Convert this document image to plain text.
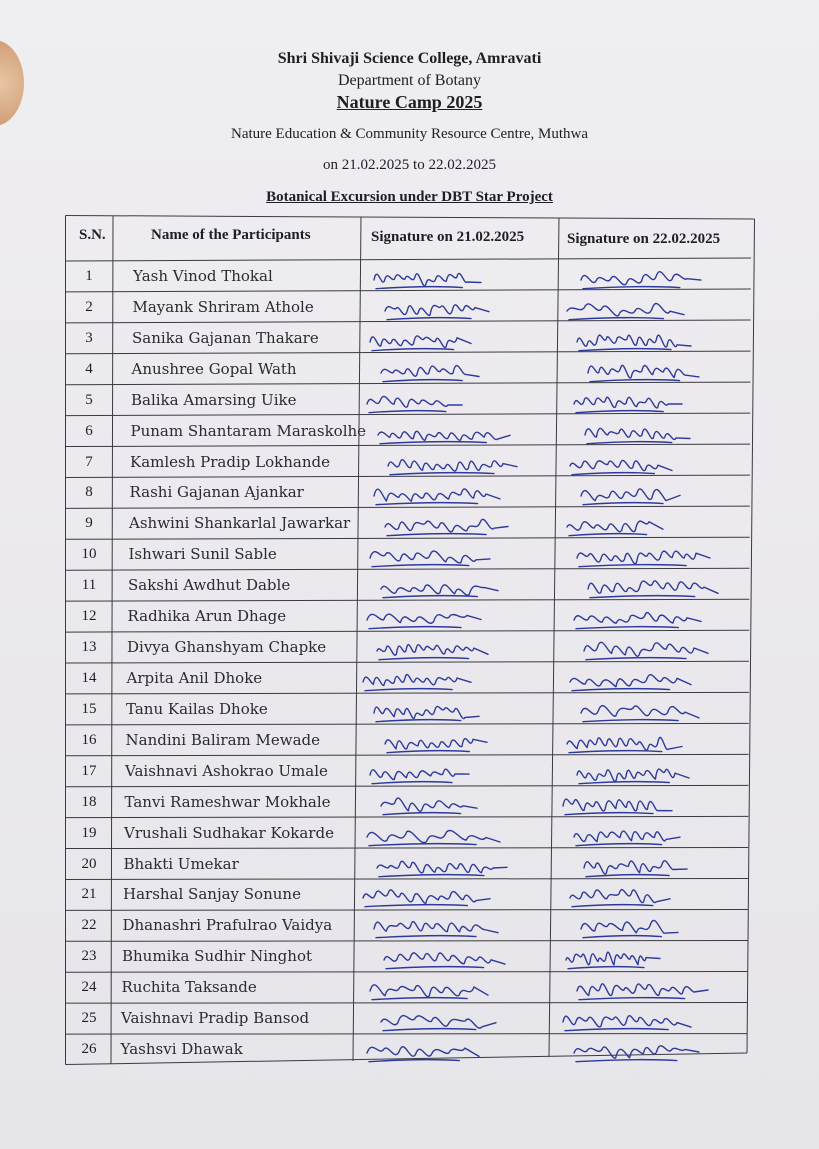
Shri Shivaji Science College, Amravati
Department of Botany
Nature Camp 2025
Nature Education & Community Resource Centre, Muthwa
on 21.02.2025 to 22.02.2025
Botanical Excursion under DBT Star Project
S.N.	Name of the Participants	Signature on 21.02.2025	Signature on 22.02.2025
1	Yash Vinod Thokal
2	Mayank Shriram Athole
3	Sanika Gajanan Thakare
4	Anushree Gopal Wath
5	Balika Amarsing Uike
6	Punam Shantaram Maraskolhe
7	Kamlesh Pradip Lokhande
8	Rashi Gajanan Ajankar
9	Ashwini Shankarlal Jawarkar
10	Ishwari Sunil Sable
11	Sakshi Awdhut Dable
12	Radhika Arun Dhage
13	Divya Ghanshyam Chapke
14	Arpita Anil Dhoke
15	Tanu Kailas Dhoke
16	Nandini Baliram Mewade
17	Vaishnavi Ashokrao Umale
18	Tanvi Rameshwar Mokhale
19	Vrushali Sudhakar Kokarde
20	Bhakti Umekar
21	Harshal Sanjay Sonune
22	Dhanashri Prafulrao Vaidya
23	Bhumika Sudhir Ninghot
24	Ruchita Taksande
25	Vaishnavi Pradip Bansod
26	Yashsvi Dhawak
